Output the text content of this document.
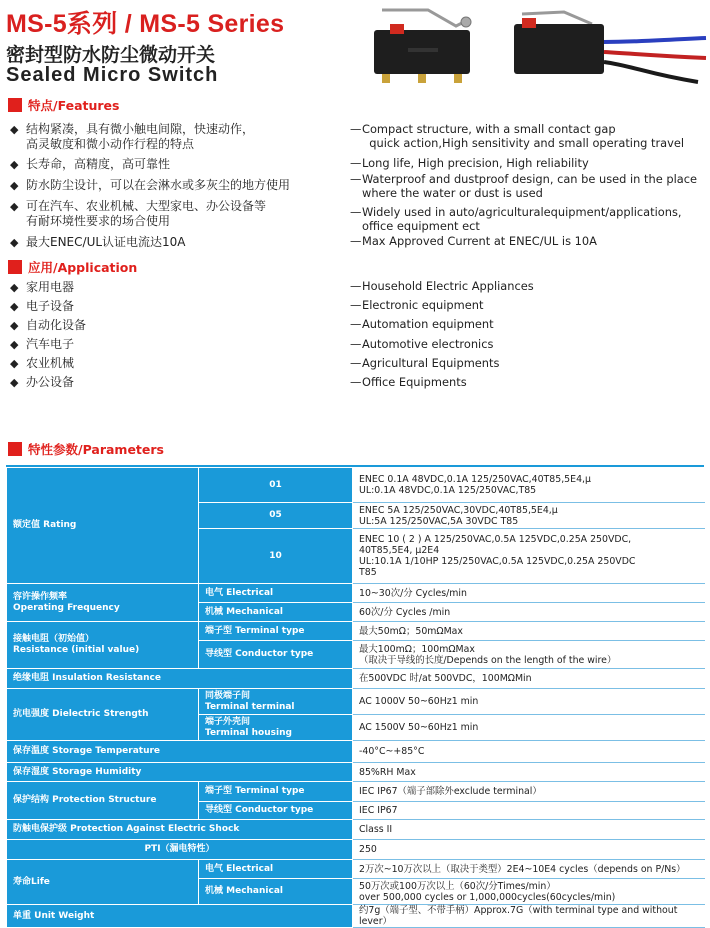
MS-5系列 / MS-5 Series
密封型防水防尘微动开关
Sealed Micro Switch
特点/Features
◆ 结构紧凑，具有微小触电间隙，快速动作，
高灵敏度和微小动作行程的特点
◆ 长寿命，高精度，高可靠性
◆ 防水防尘设计，可以在会淋水或多灰尘的地方使用
◆ 可在汽车、农业机械、大型家电、办公设备等
有耐环境性要求的场合使用
◆ 最大ENEC/UL认证电流达10A
—Compact structure, with a small contact gap
quick action,High sensitivity and small operating travel
—Long life, High precision, High reliability
—Waterproof and dustproof design, can be used in the place
where the water or dust is used
—Widely used in auto/agriculturalequipment/applications,
office equipment ect
—Max Approved Current at ENEC/UL is 10A
应用/Application
◆ 家用电器
◆ 电子设备
◆ 自动化设备
◆ 汽车电子
◆ 农业机械
◆ 办公设备
—Household Electric Appliances
—Electronic equipment
—Automation equipment
—Automotive electronics
—Agricultural Equipments
—Office Equipments
特性参数/Parameters
额定值 Rating	01	ENEC 0.1A 48VDC,0.1A 125/250VAC,40T85,5E4,μ
UL:0.1A 48VDC,0.1A 125/250VAC,T85
	05	ENEC 5A 125/250VAC,30VDC,40T85,5E4,μ
UL:5A 125/250VAC,5A 30VDC T85
	10	ENEC 10 ( 2 ) A 125/250VAC,0.5A 125VDC,0.25A 250VDC,
40T85,5E4, μ2E4
UL:10.1A 1/10HP 125/250VAC,0.5A 125VDC,0.25A 250VDC
T85
容许操作频率
Operating Frequency	电气 Electrical	10~30次/分 Cycles/min
	机械 Mechanical	60次/分 Cycles /min
接触电阻（初始值）
Resistance (initial value)	端子型 Terminal type	最大50mΩ；50mΩMax
	导线型 Conductor type	最大100mΩ；100mΩMax
（取决于导线的长度/Depends on the length of the wire）
绝缘电阻 Insulation Resistance		在500VDC 时/at 500VDC，100MΩMin
抗电强度 Dielectric Strength	同极端子间
Terminal terminal	AC 1000V 50~60Hz1 min
	端子外壳间
Terminal housing	AC 1500V 50~60Hz1 min
保存温度 Storage Temperature		-40°C~+85°C
保存湿度 Storage Humidity		85%RH Max
保护结构 Protection Structure	端子型 Terminal type	IEC IP67（端子部除外exclude terminal）
	导线型 Conductor type	IEC IP67
防触电保护级 Protection Against Electric Shock		Class II
PTI（漏电特性）		250
寿命Life	电气 Electrical	2万次~10万次以上（取决于类型）2E4~10E4 cycles（depends on P/Ns）
	机械 Mechanical	50万次或100万次以上（60次/分Times/min）
over 500,000 cycles or 1,000,000cycles(60cycles/min)
单重 Unit Weight		约7g（端子型、不带手柄）Approx.7G（with terminal type and without lever）
